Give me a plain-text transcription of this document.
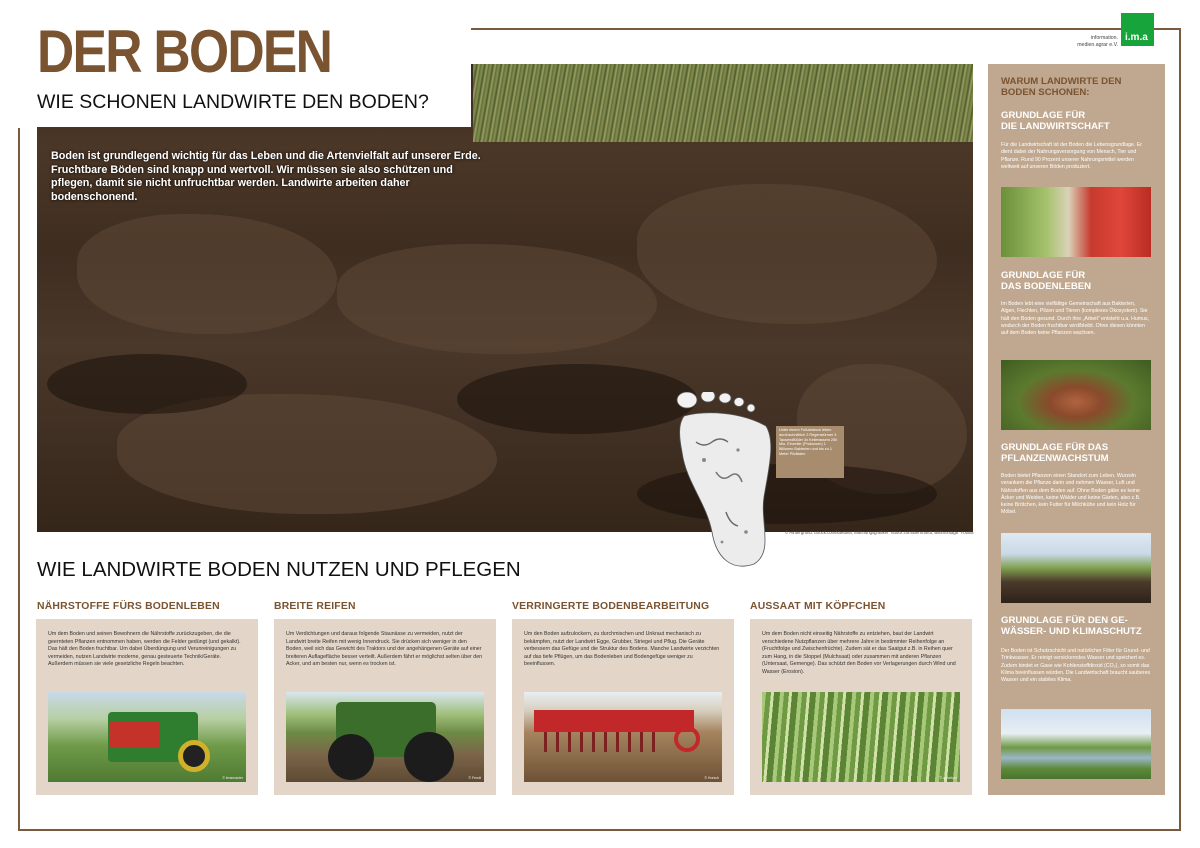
information.
medien.agrar e.V.
i.m.a
Boden ist grundlegend wichtig für das Leben und die Artenvielfalt auf unserer Erde. Fruchtbare Böden sind knapp und wertvoll. Wir müssen sie also schützen und pflegen, damit sie nicht unfruchtbar werden. Landwirte arbeiten daher bodenschonend.
DER BODEN
WIE SCHONEN LANDWIRTE DEN BODEN?
Unter einem Fußabdruck leben durchschnittlich 2 Regenwürmer 3 Tausendfüßler 3x Kellerasseln 250 Mio. Einzeller (Protozoen) 1 Billionen Bakterien und bis zu 1 Meter Pilzfäden
© Hintergrund: iStock.com/kaetana; Mahnungsgrafiker: iStock.com/Bernhardt; Bildmontage: Fotolia
WIE LANDWIRTE BODEN NUTZEN UND PFLEGEN
NÄHRSTOFFE FÜRS BODENLEBEN
Um dem Boden und seinen Bewohnern die Nährstoffe zurückzugeben, die die geernteten Pflanzen entnommen haben, werden die Felder gedüngt (und gekalkt). Das hält den Boden fruchtbar. Um dabei Überdüngung und Verunreinigungen zu vermeiden, nutzen Landwirte moderne, genau gesteuerte Technik/Geräte. Außerdem müssen sie viele gesetzliche Regeln beachten.
© lensmaster
BREITE REIFEN
Um Verdichtungen und daraus folgende Staunässe zu vermeiden, nutzt der Landwirt breite Reifen mit wenig Innendruck. Sie drücken sich weniger in den Boden, weil sich das Gewicht des Traktors und der angehängenen Geräte auf einer breiteren Auflagefläche besser verteilt. Außerdem fährt er möglichst selten über den Acker, und am besten nur, wenn es trocken ist.
© Fendt
VERRINGERTE BODENBEARBEITUNG
Um den Boden aufzulockern, zu durchmischen und Unkraut mechanisch zu bekämpfen, nutzt der Landwirt Egge, Grubber, Striegel und Pflug. Die Geräte verbessern das Gefüge und die Struktur des Bodens. Manche Landwirte verzichten auf das tiefe Pflügen, um das Bodenleben und Bodengefüge weniger zu beeinflussen.
© Horsch
AUSSAAT MIT KÖPFCHEN
Um dem Boden nicht einseitig Nährstoffe zu entziehen, baut der Landwirt verschiedene Nutzpflanzen über mehrere Jahre in bestimmter Reihenfolge an (Fruchtfolge und Zwischenfrüchte). Zudem sät er das Saatgut z.B. in Reihen quer zum Hang, in die Stoppel (Mulchsaat) oder zusammen mit anderen Pflanzen (Untersaat, Gemenge). Das schützt den Boden vor Verlagerungen durch Wind und Wasser (Erosion).
© agrarfoto
WARUM LANDWIRTE DEN
BODEN SCHONEN:
GRUNDLAGE FÜR
DIE LANDWIRTSCHAFT
Für die Landwirtschaft ist der Boden die Lebensgrundlage. Er dient dabei der Nahrungsversorgung von Mensch, Tier und Pflanze. Rund 90 Prozent unserer Nahrungsmittel werden weltweit auf unseren Böden produziert.
GRUNDLAGE FÜR
DAS BODENLEBEN
Im Boden lebt eine vielfältige Gemeinschaft aus Bakterien, Algen, Flechten, Pilzen und Tieren (komplexes Ökosystem). Sie hält den Boden gesund. Durch ihre „Arbeit" entsteht u.a. Humus, wodurch der Boden fruchtbar wird/bleibt. Ohne diesen könnten auf dem Boden keine Pflanzen wachsen.
GRUNDLAGE FÜR DAS
PFLANZENWACHSTUM
Boden bietet Pflanzen einen Standort zum Leben. Wurzeln verankern die Pflanze darin und nehmen Wasser, Luft und Nährstoffen aus dem Boden auf. Ohne Boden gäbe es keine Äcker und Weiden, keine Wälder und keine Gärten, also z.B. keine Brötchen, kein Futter für Milchkühe und kein Holz für Möbel.
GRUNDLAGE FÜR DEN GE-
WÄSSER- UND KLIMASCHUTZ
Der Boden ist Schutzschicht und natürlicher Filter für Grund- und Trinkwasser. Er reinigt versickerndes Wasser und speichert es. Zudem bindet er Gase wie Kohlenstoffdioxid (CO₂), so somit das Klima beeinflussen würden. Die Landwirtschaft braucht sauberes Wasser und ein stabiles Klima.
